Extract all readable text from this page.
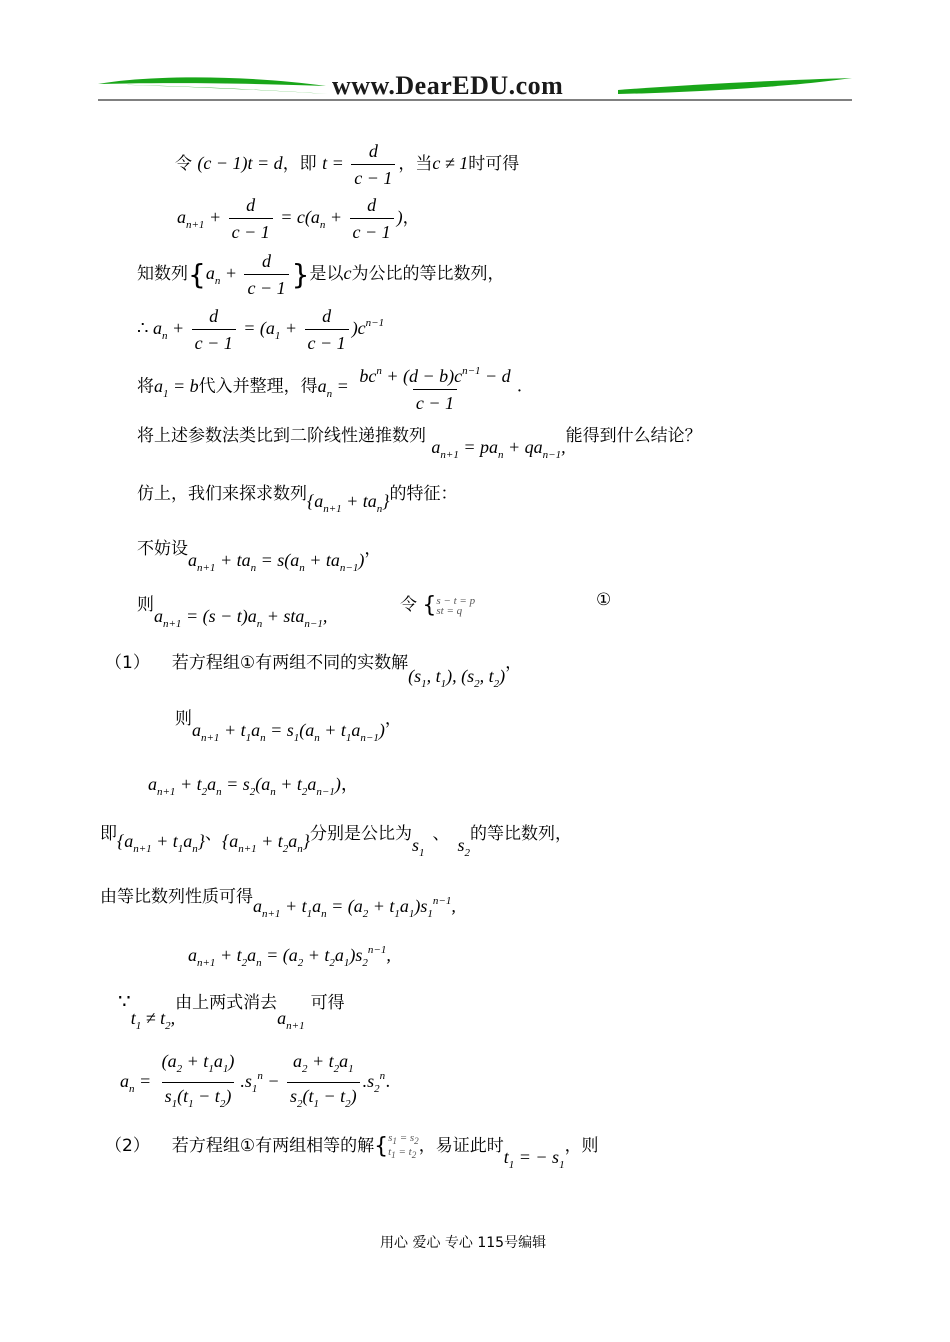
www.DearEDU.com
令 (c − 1)t = d，即 $t = \frac{d}{c - 1}$ ，当c ≠ 1时可得
$a_{n+1} + \frac{d}{c - 1} = c(a_n + \frac{d}{c - 1}$ )，
知数列{$a_n + \frac{d}{c - 1}$ }是以c为公比的等比数列，
∴ $a_n + \frac{d}{c - 1} = (a_1 + \frac{d}{c - 1} )c^{n-1}$
将$a_1 = b$代入并整理，得$a_n = \frac{bc^n + (d - b)c^{n-1} - d}{c - 1}$ .
将上述参数法类比到二阶线性递推数列 $a_{n+1} = pa_n + qa_{n-1}$,能得到什么结论？
仿上，我们来探求数列$\{a_{n+1} + ta_n\}$的特征：
不妨设$a_{n+1} + ta_n = s(a_n + ta_{n-1})$，
则$a_{n+1} = (s - t)a_n + sta_{n-1}$,
令 { s − t = p
st = q
①
（1） 若方程组①有两组不同的实数解($s_1$, $t_1$), ($s_2$, $t_2$)，
则$a_{n+1} + t_1a_n = s_1(a_n + t_1a_{n-1})$，
$a_{n+1} + t_2a_n = s_2(a_n + t_2a_{n-1})$，
即$\{a_{n+1} + t_1a_n\}$、$\{a_{n+1} + t_2a_n\}$分别是公比为$s_1$、$s_2$的等比数列，
由等比数列性质可得$a_{n+1} + t_1a_n = (a_2 + t_1a_1)s_1^{n-1}$,
$a_{n+1} + t_2a_n = (a_2 + t_2a_1)s_2^{n-1}$,
$\because t_1 \ne t_2$,由上两式消去$a_{n+1}$可得
$a_n = \frac{(a_2 + t_1a_1)}{s_1(t_1 - t_2)} .s_1^n - \frac{a_2 + t_2a_1}{s_2(t_1 - t_2)} .s_2^n$.
（2） 若方程组①有两组相等的解{ $s_1 = s_2$
$t_1 = t_2$ ，易证此时$t_1$ = − $s_1$，则
用心 爱心 专心 115号编辑
